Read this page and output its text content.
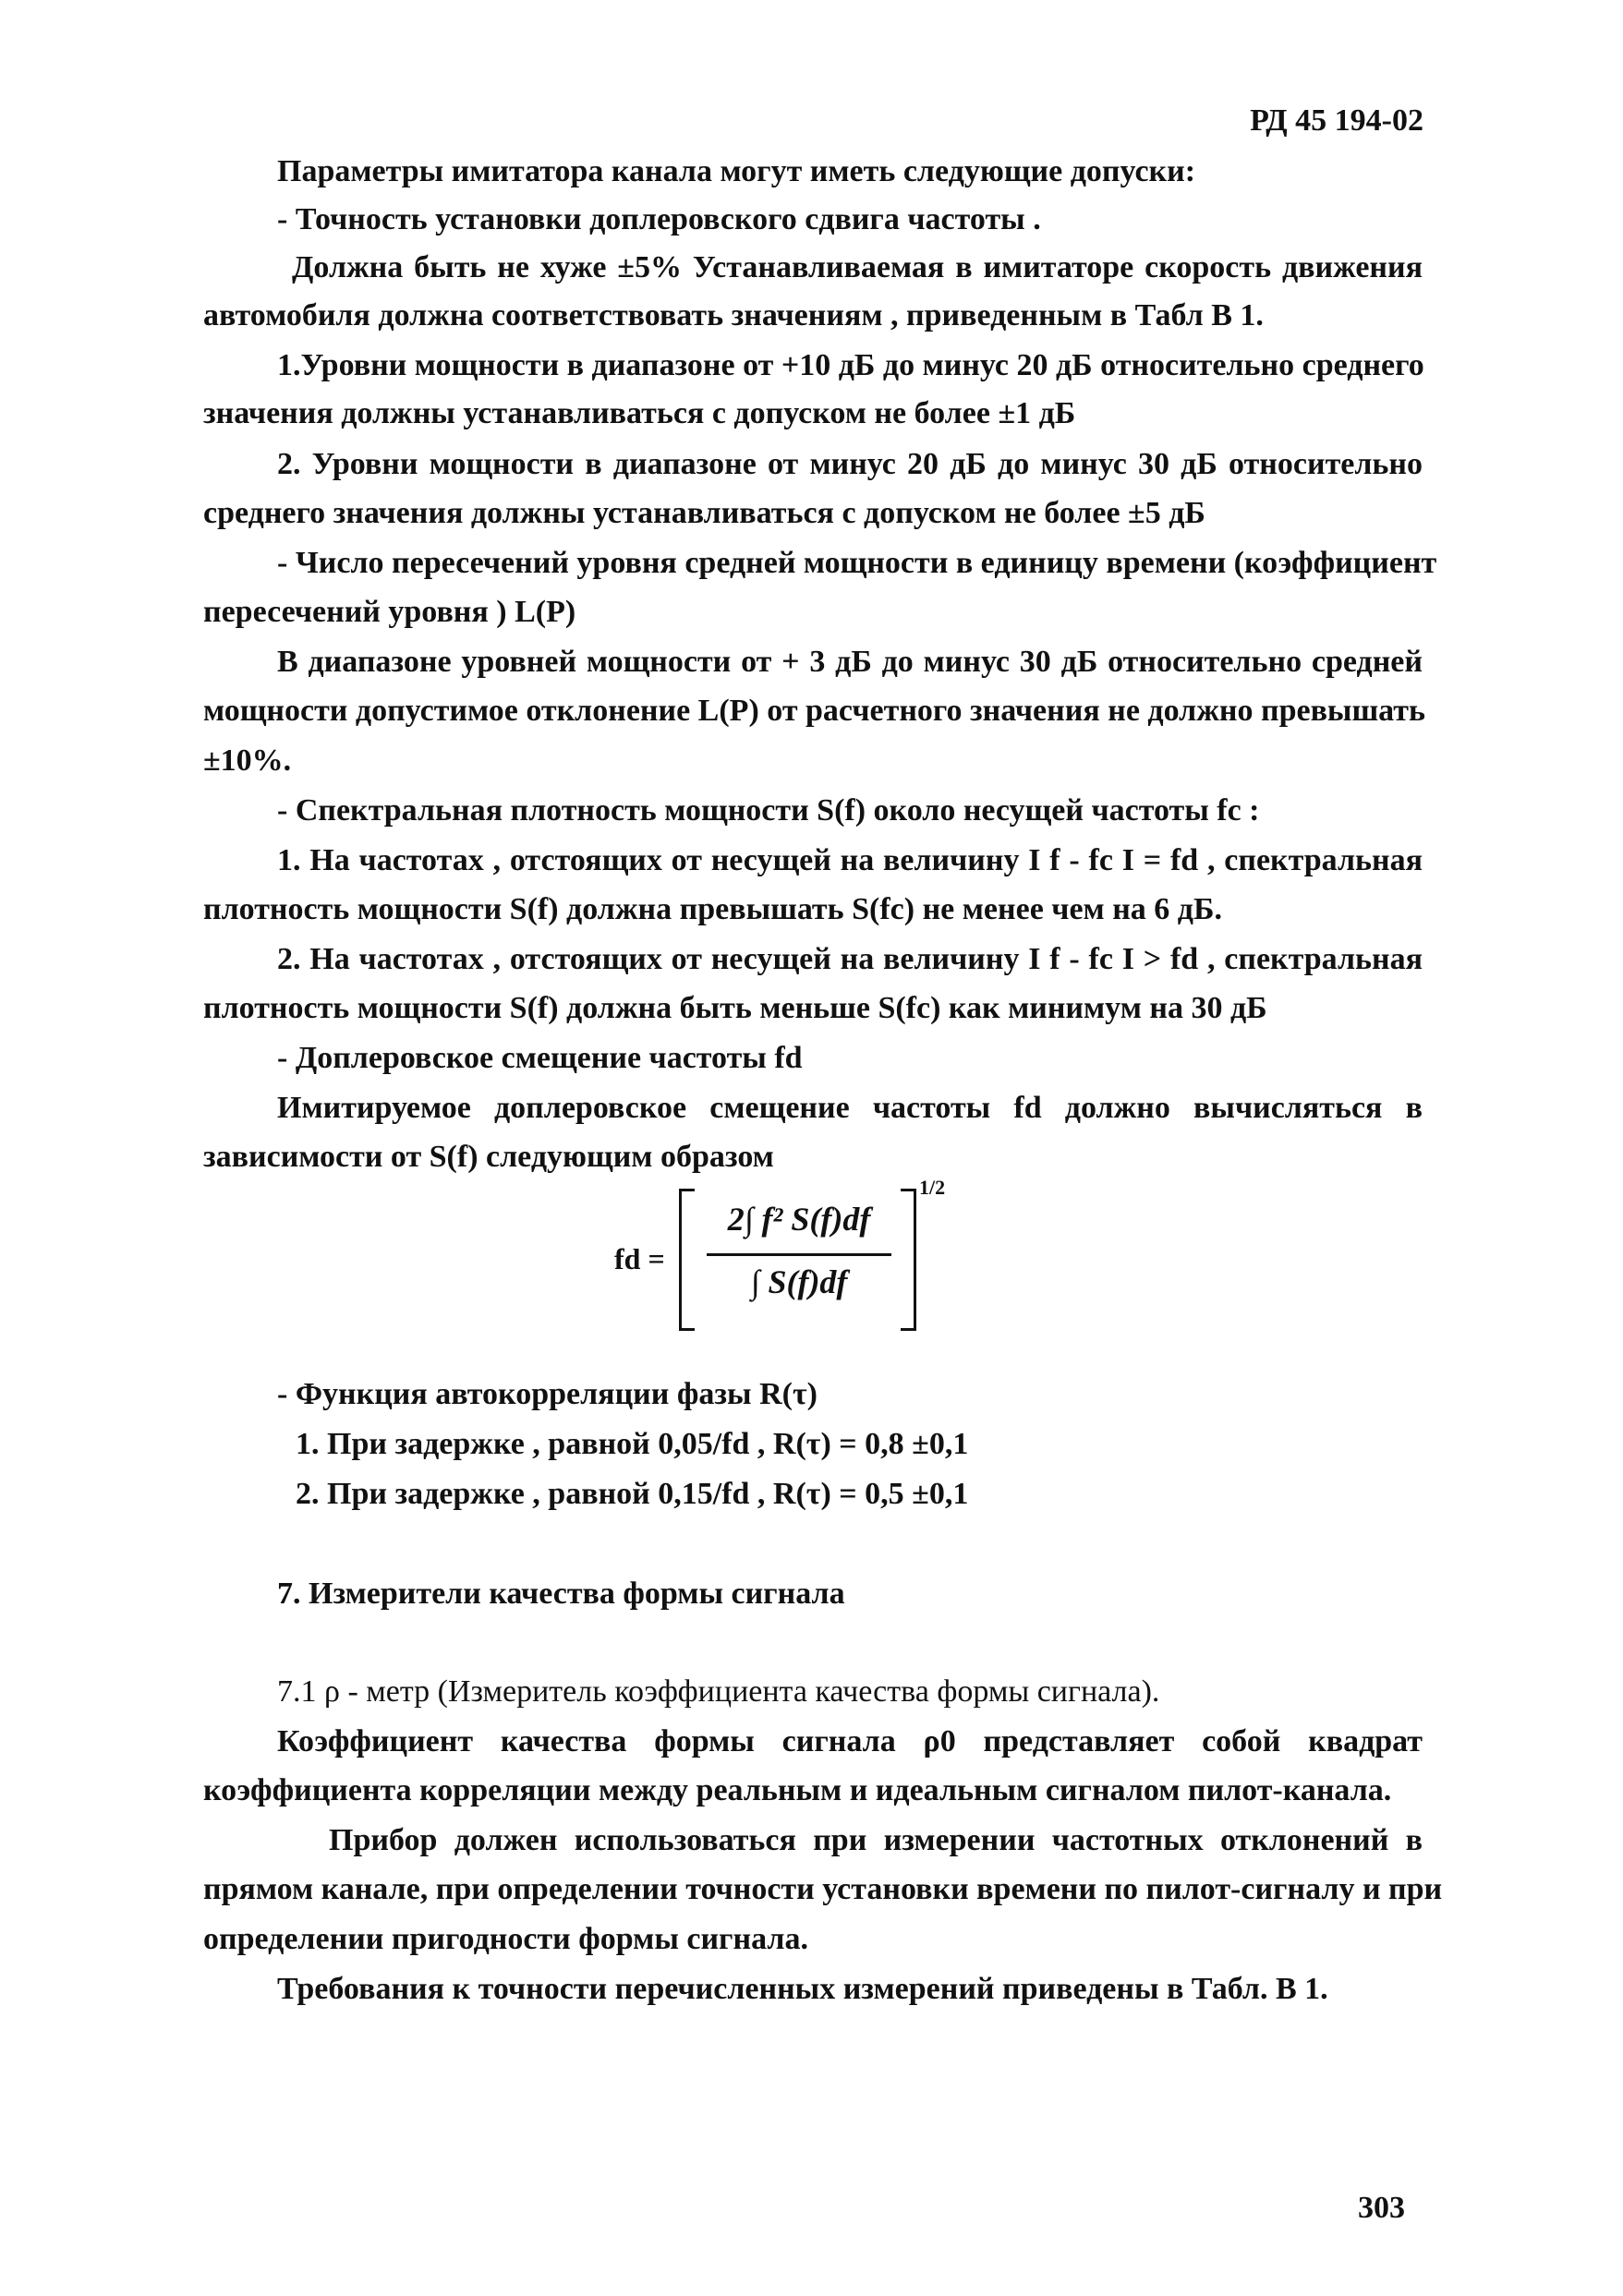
РД 45 194-02
Параметры имитатора канала могут иметь следующие допуски:
- Точность установки доплеровского сдвига частоты .
Должна быть не хуже ±5% Устанавливаемая в имитаторе скорость движения
автомобиля должна соответствовать значениям , приведенным в Табл В 1.
1.Уровни мощности в диапазоне от +10 дБ до минус 20 дБ относительно среднего
значения должны устанавливаться с допуском не более ±1 дБ
2. Уровни мощности в диапазоне от минус 20 дБ до минус 30 дБ относительно
среднего значения должны устанавливаться с допуском не более ±5 дБ
- Число пересечений уровня средней мощности в единицу времени (коэффициент
пересечений уровня ) L(P)
В диапазоне уровней мощности от + 3 дБ до минус 30 дБ относительно средней
мощности допустимое отклонение L(P) от расчетного значения не должно превышать
±10%.
- Спектральная плотность мощности S(f) около несущей частоты fc :
1. На частотах , отстоящих от несущей на величину I f - fc I = fd , спектральная
плотность мощности S(f) должна превышать S(fc) не менее чем на 6 дБ.
2. На частотах , отстоящих от несущей на величину I f - fc I > fd , спектральная
плотность мощности S(f) должна быть меньше S(fc) как минимум на 30 дБ
- Доплеровское смещение частоты fd
Имитируемое доплеровское смещение частоты fd должно вычисляться в
зависимости от S(f) следующим образом
fd =
2∫ f² S(f)df
∫ S(f)df
1/2
- Функция автокорреляции фазы R(τ)
1. При задержке , равной 0,05/fd , R(τ) = 0,8 ±0,1
2. При задержке , равной 0,15/fd , R(τ) = 0,5 ±0,1
7. Измерители качества формы сигнала
7.1 ρ - метр (Измеритель коэффициента качества формы сигнала).
Коэффициент качества формы сигнала ρ0 представляет собой квадрат
коэффициента корреляции между реальным и идеальным сигналом пилот-канала.
Прибор должен использоваться при измерении частотных отклонений в
прямом канале, при определении точности установки времени по пилот-сигналу и при
определении пригодности формы сигнала.
Требования к точности перечисленных измерений приведены в Табл. В 1.
303
